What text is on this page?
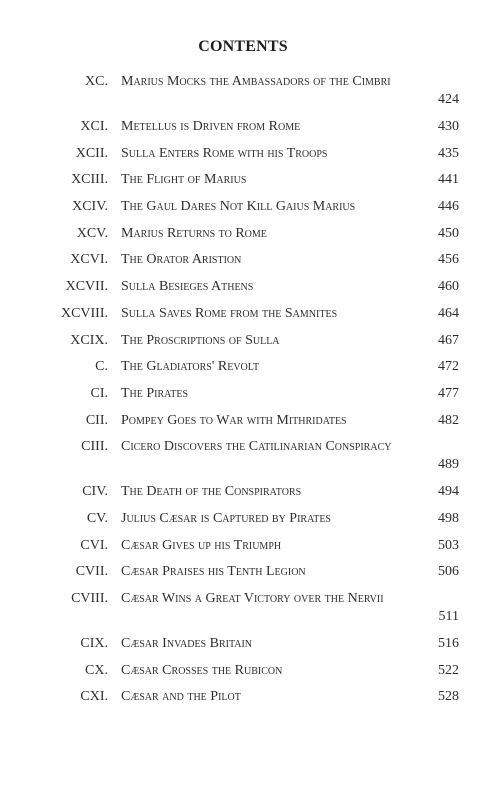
CONTENTS
XC. Marius Mocks the Ambassadors of the Cimbri
424
XCI. Metellus is Driven from Rome	430
XCII. Sulla Enters Rome with his Troops	435
XCIII. The Flight of Marius	441
XCIV. The Gaul Dares Not Kill Gaius Marius	446
XCV. Marius Returns to Rome	450
XCVI. The Orator Aristion	456
XCVII. Sulla Besieges Athens	460
XCVIII. Sulla Saves Rome from the Samnites	464
XCIX. The Proscriptions of Sulla	467
C. The Gladiators' Revolt	472
CI. The Pirates	477
CII. Pompey Goes to War with Mithridates	482
CIII. Cicero Discovers the Catilinarian Conspiracy
489
CIV. The Death of the Conspirators	494
CV. Julius Cæsar is Captured by Pirates	498
CVI. Cæsar Gives up his Triumph	503
CVII. Cæsar Praises his Tenth Legion	506
CVIII. Cæsar Wins a Great Victory over the Nervii
511
CIX. Cæsar Invades Britain	516
CX. Cæsar Crosses the Rubicon	522
CXI. Cæsar and the Pilot	528
